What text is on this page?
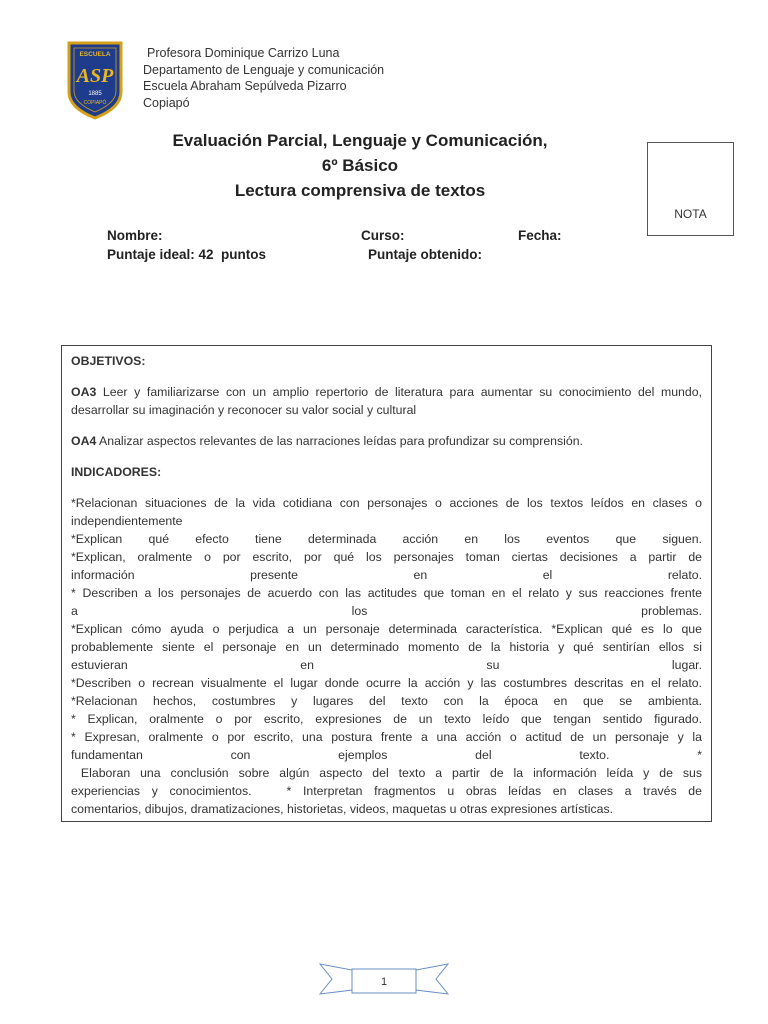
ESCUELA
ASP
1885
COPIAPÓ
Profesora Dominique Carrizo Luna
Departamento de Lenguaje y comunicación
Escuela Abraham Sepúlveda Pizarro
Copiapó
Evaluación Parcial, Lenguaje y Comunicación,
6º Básico
Lectura comprensiva de textos
NOTA
Nombre:	Curso:	Fecha:
Puntaje ideal: 42  puntos	Puntaje obtenido:

OBJETIVOS:

OA3 Leer y familiarizarse con un amplio repertorio de literatura para aumentar su conocimiento del mundo, desarrollar su imaginación y reconocer su valor social y cultural

OA4 Analizar aspectos relevantes de las narraciones leídas para profundizar su comprensión.

INDICADORES:

*Relacionan situaciones de la vida cotidiana con personajes o acciones de los textos leídos en clases o
independientemente
*Explican qué efecto tiene determinada acción en los eventos que siguen.
*Explican, oralmente o por escrito, por qué los personajes toman ciertas decisiones a partir de
información presente en el relato.
* Describen a los personajes de acuerdo con las actitudes que toman en el relato y sus reacciones frente
a los problemas.
*Explican cómo ayuda o perjudica a un personaje determinada característica. *Explican qué es lo que
probablemente siente el personaje en un determinado momento de la historia y qué sentirían ellos si
estuvieran en su lugar.
*Describen o recrean visualmente el lugar donde ocurre la acción y las costumbres descritas en el relato.
*Relacionan hechos, costumbres y lugares del texto con la época en que se ambienta.
* Explican, oralmente o por escrito, expresiones de un texto leído que tengan sentido figurado.
* Expresan, oralmente o por escrito, una postura frente a una acción o actitud de un personaje y la
fundamentan con ejemplos del texto. *
Elaboran una conclusión sobre algún aspecto del texto a partir de la información leída y de sus
experiencias y conocimientos.   * Interpretan fragmentos u obras leídas en clases a través de
comentarios, dibujos, dramatizaciones, historietas, videos, maquetas u otras expresiones artísticas.
1
